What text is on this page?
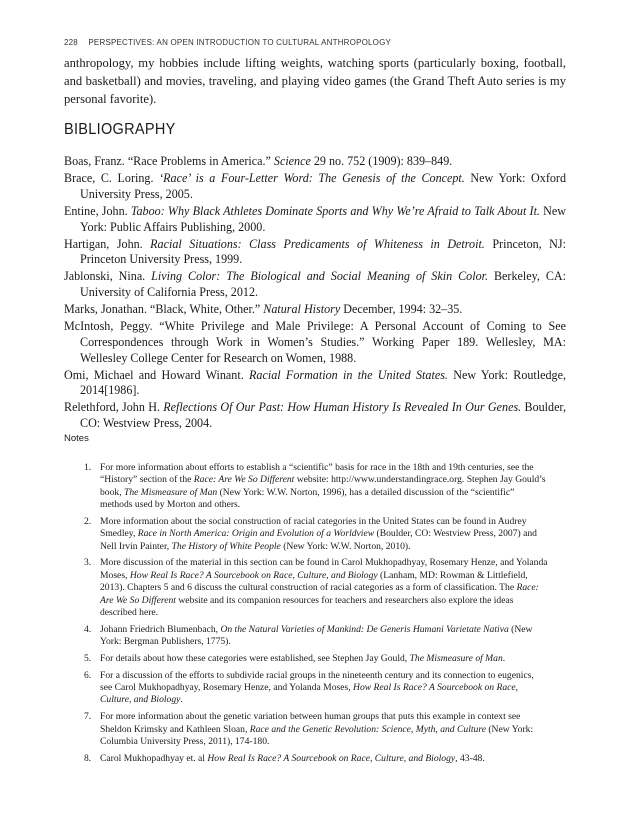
228 PERSPECTIVES: AN OPEN INTRODUCTION TO CULTURAL ANTHROPOLOGY

anthropology, my hobbies include lifting weights, watching sports (particularly boxing, football, and basketball) and movies, traveling, and playing video games (the Grand Theft Auto series is my personal favorite).

BIBLIOGRAPHY
Boas, Franz. “Race Problems in America.” Science 29 no. 752 (1909): 839–849.
Brace, C. Loring. ‘Race’ is a Four-Letter Word: The Genesis of the Concept. New York: Oxford University Press, 2005.
Entine, John. Taboo: Why Black Athletes Dominate Sports and Why We’re Afraid to Talk About It. New York: Public Affairs Publishing, 2000.
Hartigan, John. Racial Situations: Class Predicaments of Whiteness in Detroit. Princeton, NJ: Princeton University Press, 1999.
Jablonski, Nina. Living Color: The Biological and Social Meaning of Skin Color. Berkeley, CA: University of California Press, 2012.
Marks, Jonathan. “Black, White, Other.” Natural History December, 1994: 32–35.
McIntosh, Peggy. “White Privilege and Male Privilege: A Personal Account of Coming to See Correspondences through Work in Women’s Studies.” Working Paper 189. Wellesley, MA: Wellesley College Center for Research on Women, 1988.
Omi, Michael and Howard Winant. Racial Formation in the United States. New York: Routledge, 2014[1986].
Relethford, John H. Reflections Of Our Past: How Human History Is Revealed In Our Genes. Boulder, CO: Westview Press, 2004.
Notes
1. For more information about efforts to establish a “scientific” basis for race in the 18th and 19th centuries, see the “History” section of the Race: Are We So Different website: http://www.understandingrace.org. Stephen Jay Gould’s book, The Mismeasure of Man (New York: W.W. Norton, 1996), has a detailed discussion of the “scientific” methods used by Morton and others.
2. More information about the social construction of racial categories in the United States can be found in Audrey Smedley, Race in North America: Origin and Evolution of a Worldview (Boulder, CO: Westview Press, 2007) and Nell Irvin Painter, The History of White People (New York: W.W. Norton, 2010).
3. More discussion of the material in this section can be found in Carol Mukhopadhyay, Rosemary Henze, and Yolanda Moses, How Real Is Race? A Sourcebook on Race, Culture, and Biology (Lanham, MD: Rowman & Littlefield, 2013). Chapters 5 and 6 discuss the cultural construction of racial categories as a form of classification. The Race: Are We So Different website and its companion resources for teachers and researchers also explore the ideas described here.
4. Johann Friedrich Blumenbach, On the Natural Varieties of Mankind: De Generis Humani Varietate Nativa (New York: Bergman Publishers, 1775).
5. For details about how these categories were established, see Stephen Jay Gould, The Mismeasure of Man.
6. For a discussion of the efforts to subdivide racial groups in the nineteenth century and its connection to eugenics, see Carol Mukhopadhyay, Rosemary Henze, and Yolanda Moses, How Real Is Race? A Sourcebook on Race, Culture, and Biology.
7. For more information about the genetic variation between human groups that puts this example in context see Sheldon Krimsky and Kathleen Sloan, Race and the Genetic Revolution: Science, Myth, and Culture (New York: Columbia University Press, 2011), 174-180.
8. Carol Mukhopadhyay et. al How Real Is Race? A Sourcebook on Race, Culture, and Biology, 43-48.
